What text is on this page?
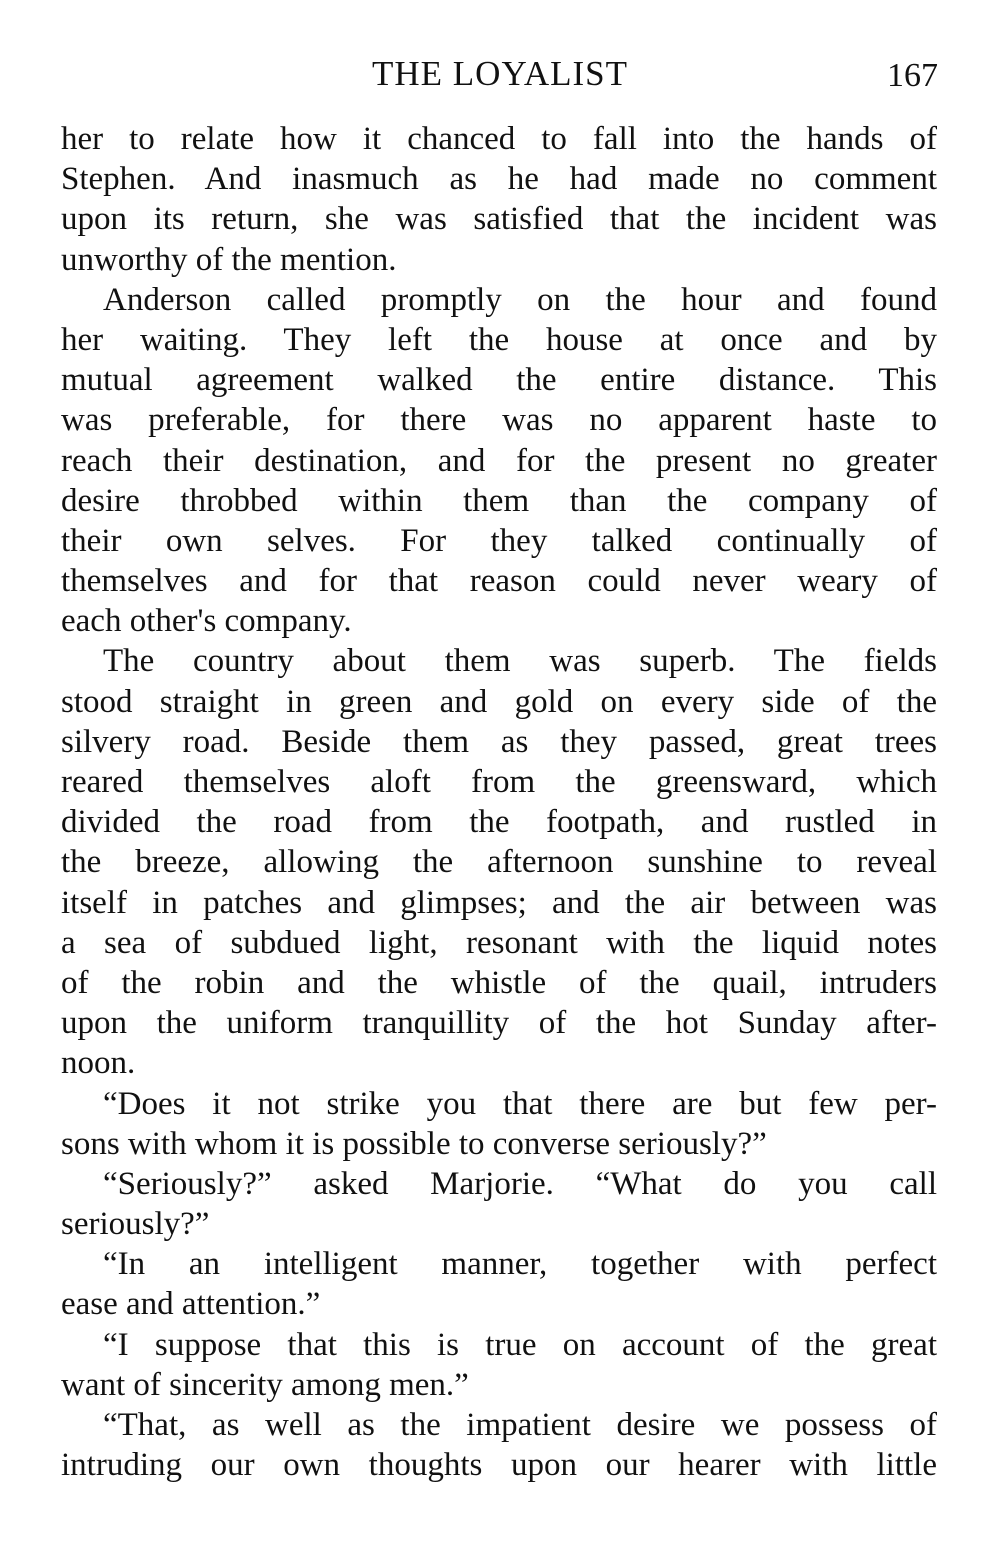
THE LOYALIST	167
her to relate how it chanced to fall into the hands of
Stephen. And inasmuch as he had made no comment
upon its return, she was satisfied that the incident was
unworthy of the mention.
Anderson called promptly on the hour and found
her waiting. They left the house at once and by
mutual agreement walked the entire distance. This
was preferable, for there was no apparent haste to
reach their destination, and for the present no greater
desire throbbed within them than the company of
their own selves. For they talked continually of
themselves and for that reason could never weary of
each other's company.
The country about them was superb. The fields
stood straight in green and gold on every side of the
silvery road. Beside them as they passed, great trees
reared themselves aloft from the greensward, which
divided the road from the footpath, and rustled in
the breeze, allowing the afternoon sunshine to reveal
itself in patches and glimpses; and the air between was
a sea of subdued light, resonant with the liquid notes
of the robin and the whistle of the quail, intruders
upon the uniform tranquillity of the hot Sunday after-
noon.
“Does it not strike you that there are but few per-
sons with whom it is possible to converse seriously?”
“Seriously?” asked Marjorie. “What do you call
seriously?”
“In an intelligent manner, together with perfect
ease and attention.”
“I suppose that this is true on account of the great
want of sincerity among men.”
“That, as well as the impatient desire we possess of
intruding our own thoughts upon our hearer with little
